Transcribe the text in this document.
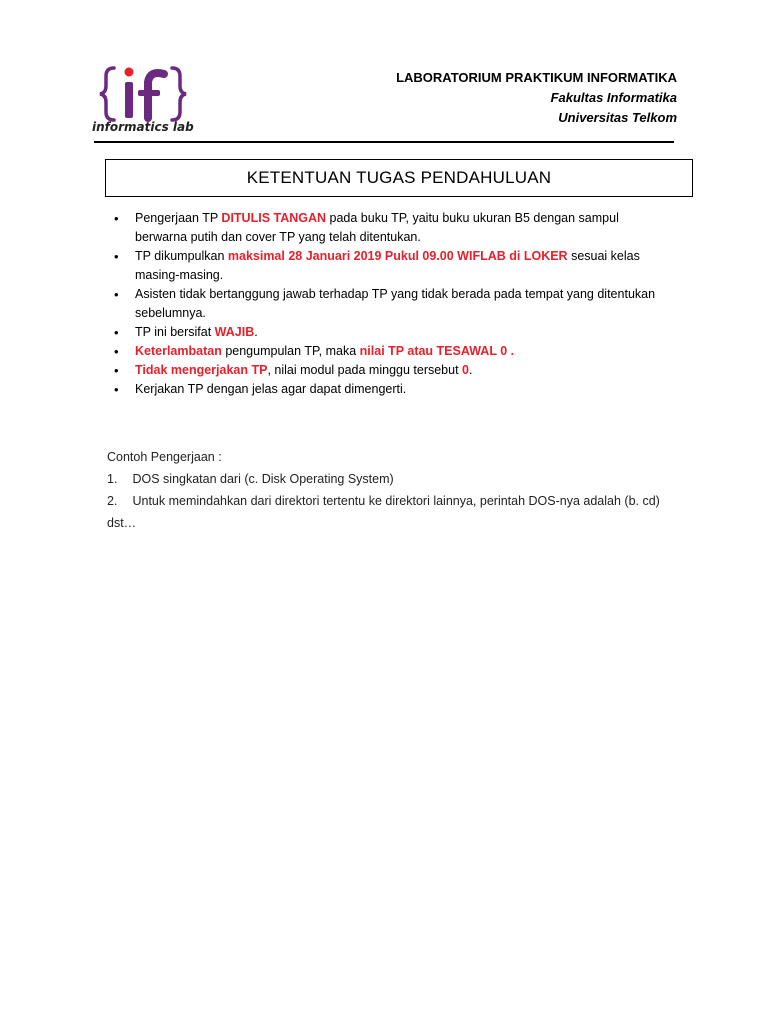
informatics lab
LABORATORIUM PRAKTIKUM INFORMATIKA
Fakultas Informatika
Universitas Telkom
KETENTUAN TUGAS PENDAHULUAN
• Pengerjaan TP DITULIS TANGAN pada buku TP, yaitu buku ukuran B5 dengan sampul berwarna putih dan cover TP yang telah ditentukan.
• TP dikumpulkan maksimal 28 Januari 2019 Pukul 09.00 WIFLAB di LOKER sesuai kelas masing-masing.
• Asisten tidak bertanggung jawab terhadap TP yang tidak berada pada tempat yang ditentukan sebelumnya.
• TP ini bersifat WAJIB.
• Keterlambatan pengumpulan TP, maka nilai TP atau TESAWAL 0 .
• Tidak mengerjakan TP, nilai modul pada minggu tersebut 0.
• Kerjakan TP dengan jelas agar dapat dimengerti.
Contoh Pengerjaan :
1. DOS singkatan dari (c. Disk Operating System)
2. Untuk memindahkan dari direktori tertentu ke direktori lainnya, perintah DOS-nya adalah (b. cd)
dst…
